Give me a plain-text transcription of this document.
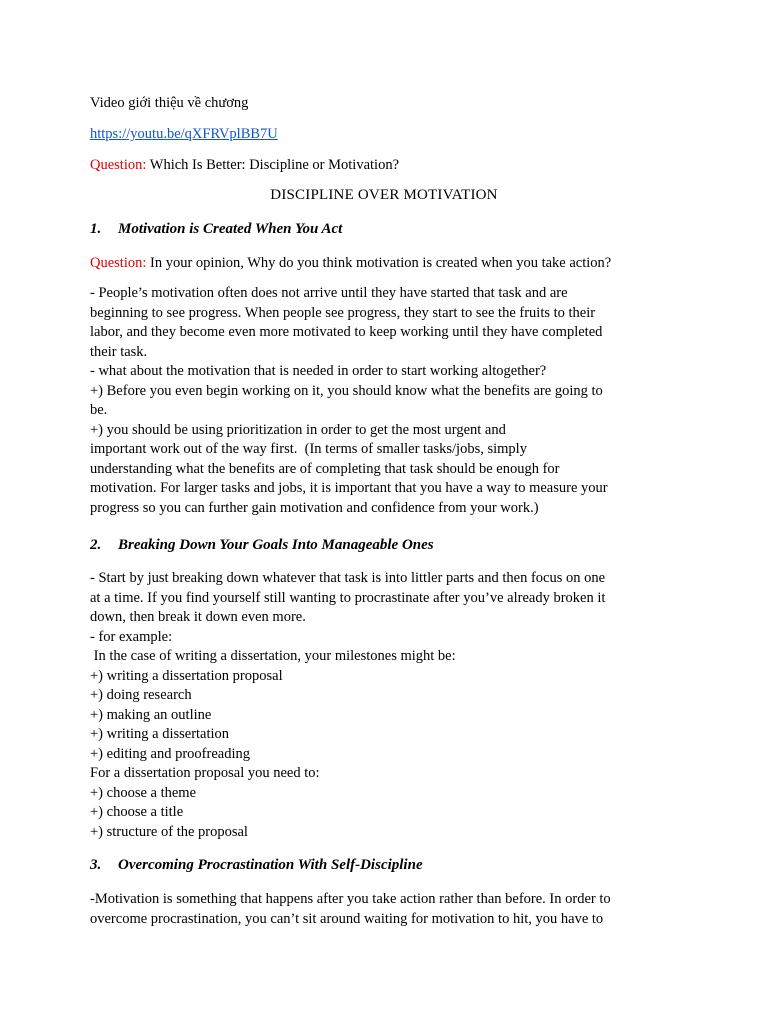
Video giới thiệu về chương
https://youtu.be/qXFRVplBB7U
Question: Which Is Better: Discipline or Motivation?
DISCIPLINE OVER MOTIVATION
1. Motivation is Created When You Act
Question: In your opinion, Why do you think motivation is created when you take action?
- People’s motivation often does not arrive until they have started that task and are
beginning to see progress. When people see progress, they start to see the fruits to their
labor, and they become even more motivated to keep working until they have completed
their task.
- what about the motivation that is needed in order to start working altogether?
+) Before you even begin working on it, you should know what the benefits are going to
be.
+) you should be using prioritization in order to get the most urgent and
important work out of the way first.  (In terms of smaller tasks/jobs, simply
understanding what the benefits are of completing that task should be enough for
motivation. For larger tasks and jobs, it is important that you have a way to measure your
progress so you can further gain motivation and confidence from your work.)
2. Breaking Down Your Goals Into Manageable Ones
- Start by just breaking down whatever that task is into littler parts and then focus on one
at a time. If you find yourself still wanting to procrastinate after you’ve already broken it
down, then break it down even more.
- for example:
In the case of writing a dissertation, your milestones might be:
+) writing a dissertation proposal
+) doing research
+) making an outline
+) writing a dissertation
+) editing and proofreading
For a dissertation proposal you need to:
+) choose a theme
+) choose a title
+) structure of the proposal
3. Overcoming Procrastination With Self-Discipline
-Motivation is something that happens after you take action rather than before. In order to
overcome procrastination, you can’t sit around waiting for motivation to hit, you have to
